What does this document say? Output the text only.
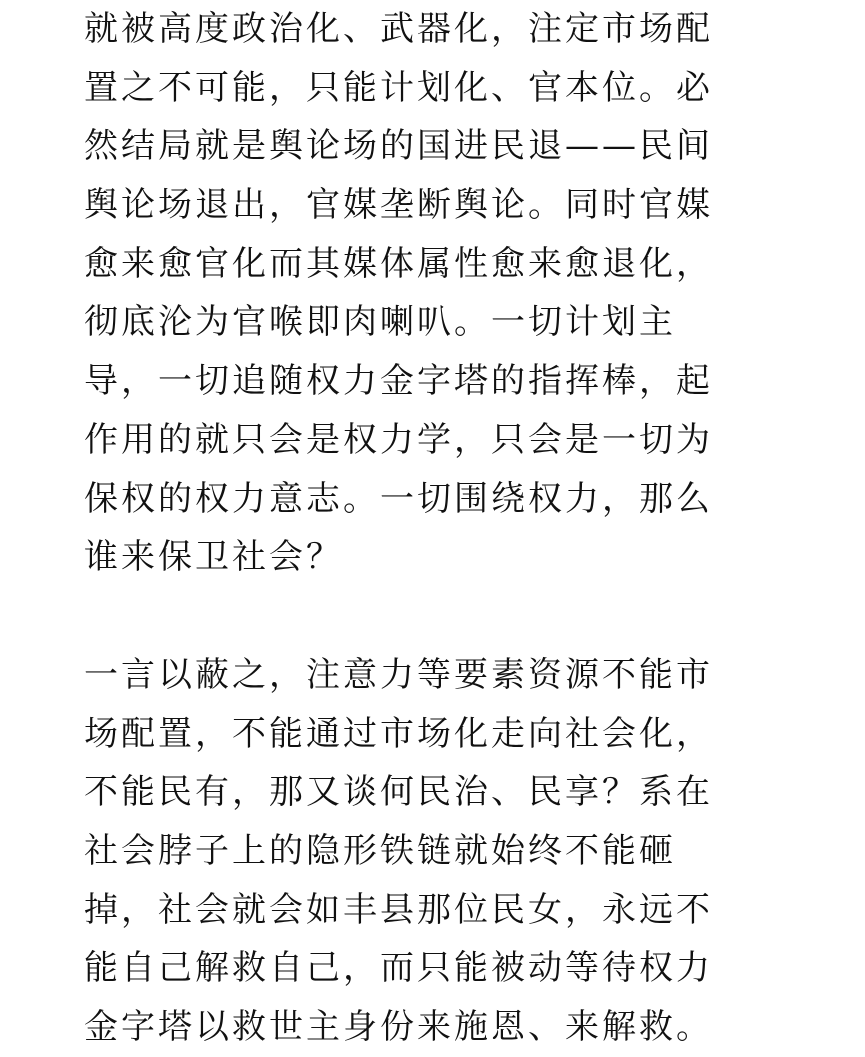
就被高度政治化、武器化，注定市场配
置之不可能，只能计划化、官本位。必
然结局就是舆论场的国进民退——民间
舆论场退出，官媒垄断舆论。同时官媒
愈来愈官化而其媒体属性愈来愈退化，
彻底沦为官喉即肉喇叭。一切计划主
导，一切追随权力金字塔的指挥棒，起
作用的就只会是权力学，只会是一切为
保权的权力意志。一切围绕权力，那么
谁来保卫社会？
一言以蔽之，注意力等要素资源不能市
场配置，不能通过市场化走向社会化，
不能民有，那又谈何民治、民享？系在
社会脖子上的隐形铁链就始终不能砸
掉，社会就会如丰县那位民女，永远不
能自己解救自己，而只能被动等待权力
金字塔以救世主身份来施恩、来解救。
